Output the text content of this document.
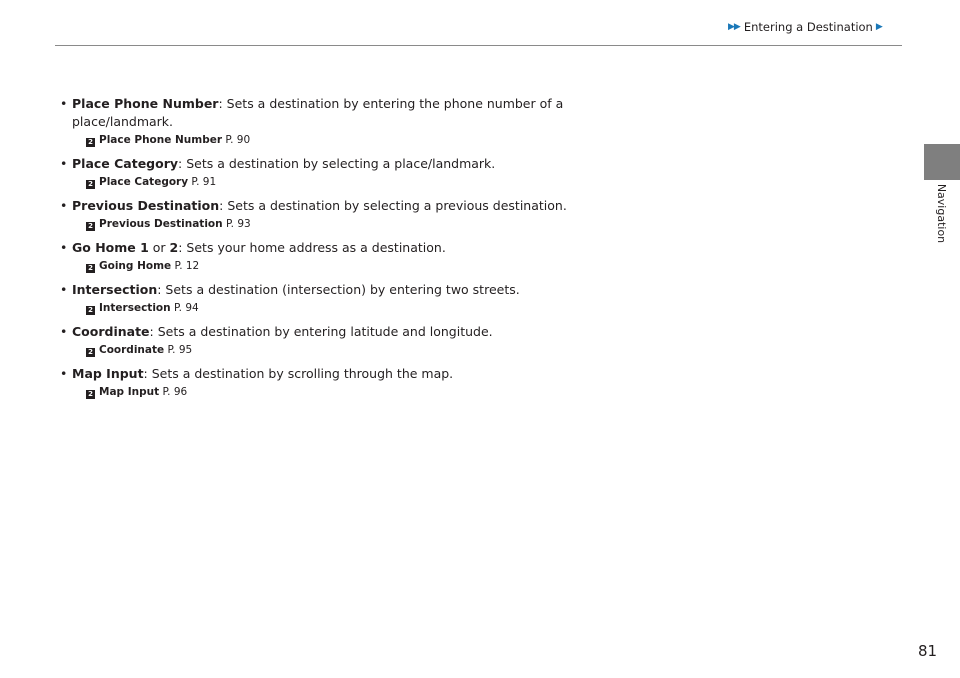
▶▶ Entering a Destination ▶
Navigation
• Place Phone Number: Sets a destination by entering the phone number of a
place/landmark.
2 Place Phone Number P. 90
• Place Category: Sets a destination by selecting a place/landmark.
2 Place Category P. 91
• Previous Destination: Sets a destination by selecting a previous destination.
2 Previous Destination P. 93
• Go Home 1 or 2: Sets your home address as a destination.
2 Going Home P. 12
• Intersection: Sets a destination (intersection) by entering two streets.
2 Intersection P. 94
• Coordinate: Sets a destination by entering latitude and longitude.
2 Coordinate P. 95
• Map Input: Sets a destination by scrolling through the map.
2 Map Input P. 96
81
